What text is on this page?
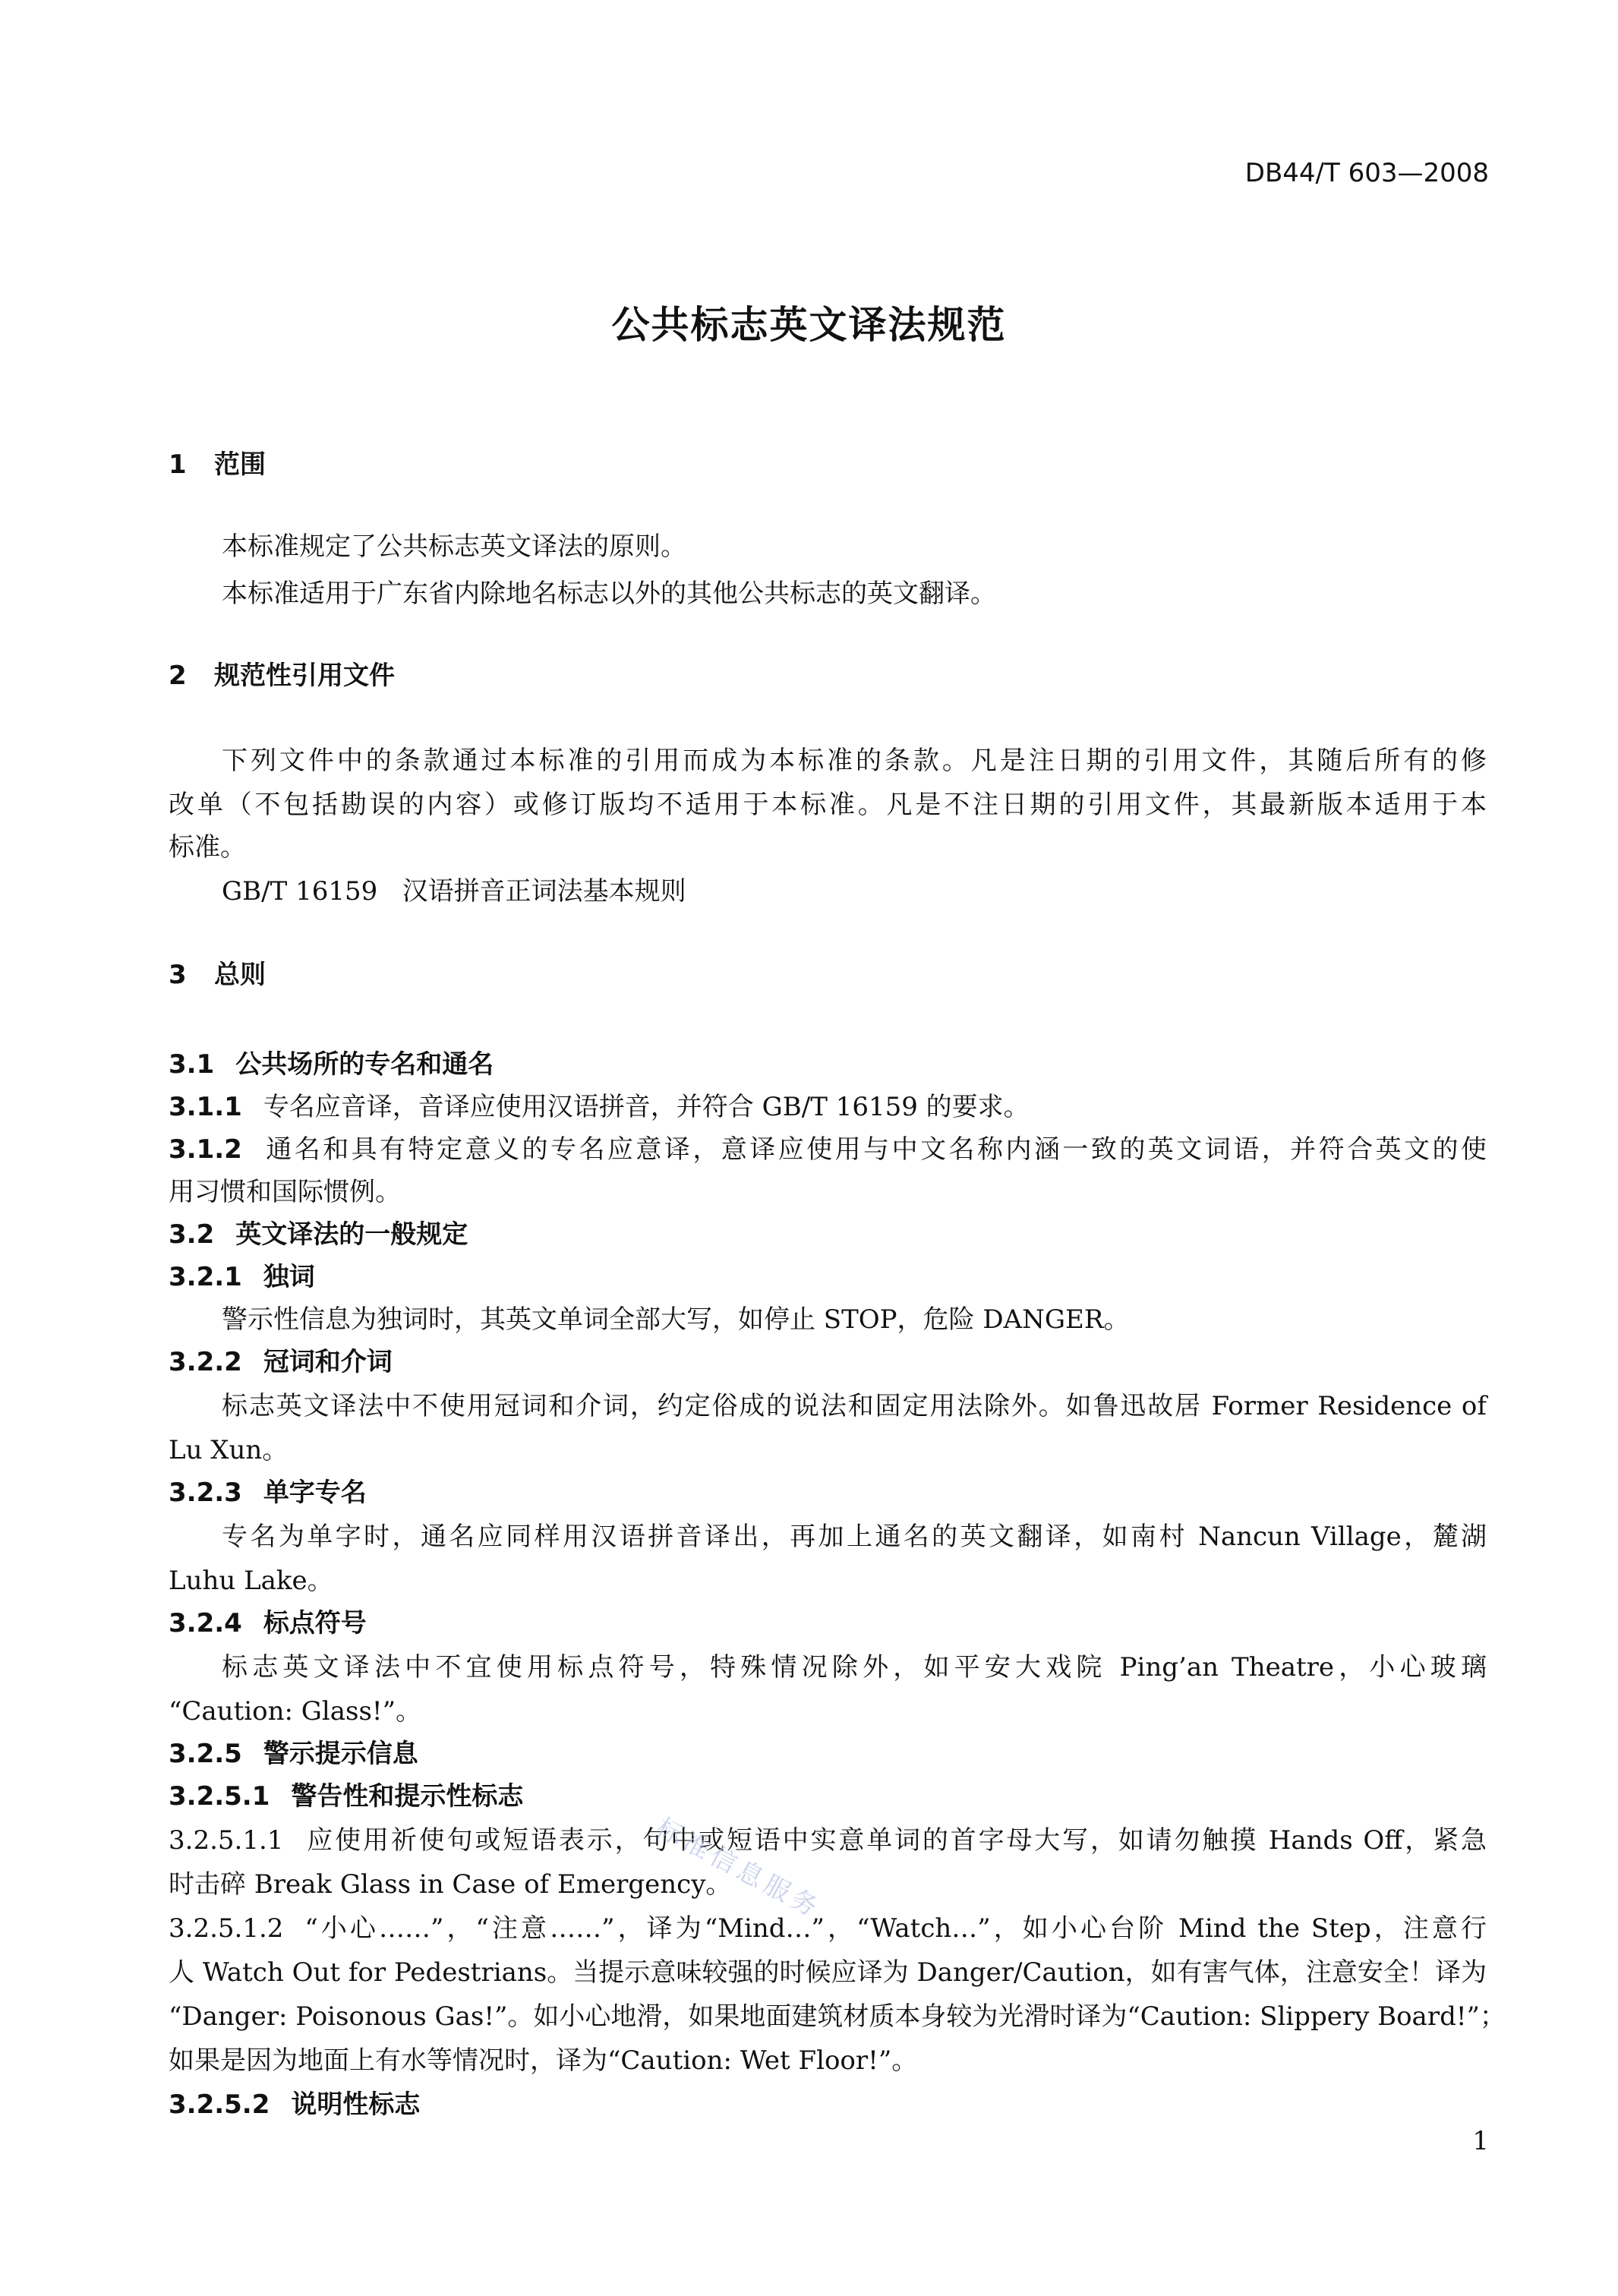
DB44/T 603—2008
公共标志英文译法规范
1 范围
本标准规定了公共标志英文译法的原则。
本标准适用于广东省内除地名标志以外的其他公共标志的英文翻译。
2 规范性引用文件
下列文件中的条款通过本标准的引用而成为本标准的条款。凡是注日期的引用文件，其随后所有的修
改单（不包括勘误的内容）或修订版均不适用于本标准。凡是不注日期的引用文件，其最新版本适用于本
标准。
GB/T 16159 汉语拼音正词法基本规则
3 总则
3.1 公共场所的专名和通名
3.1.1 专名应音译，音译应使用汉语拼音，并符合 GB/T 16159 的要求。
3.1.2 通名和具有特定意义的专名应意译，意译应使用与中文名称内涵一致的英文词语，并符合英文的使
用习惯和国际惯例。
3.2 英文译法的一般规定
3.2.1 独词
警示性信息为独词时，其英文单词全部大写，如停止 STOP，危险 DANGER。
3.2.2 冠词和介词
标志英文译法中不使用冠词和介词，约定俗成的说法和固定用法除外。如鲁迅故居 Former Residence of
Lu Xun。
3.2.3 单字专名
专名为单字时，通名应同样用汉语拼音译出，再加上通名的英文翻译，如南村 Nancun Village，麓湖
Luhu Lake。
3.2.4 标点符号
标志英文译法中不宜使用标点符号，特殊情况除外，如平安大戏院 Ping’an Theatre，小心玻璃
“Caution: Glass!”。
3.2.5 警示提示信息
3.2.5.1 警告性和提示性标志
3.2.5.1.1 应使用祈使句或短语表示，句中或短语中实意单词的首字母大写，如请勿触摸 Hands Off，紧急
时击碎 Break Glass in Case of Emergency。
3.2.5.1.2 “小心……”，“注意……”，译为“Mind…”，“Watch…”，如小心台阶 Mind the Step，注意行
人 Watch Out for Pedestrians。当提示意味较强的时候应译为 Danger/Caution，如有害气体，注意安全！译为
“Danger: Poisonous Gas!”。如小心地滑，如果地面建筑材质本身较为光滑时译为“Caution: Slippery Board!”；
如果是因为地面上有水等情况时，译为“Caution: Wet Floor!”。
3.2.5.2 说明性标志
标准信息服务
1
